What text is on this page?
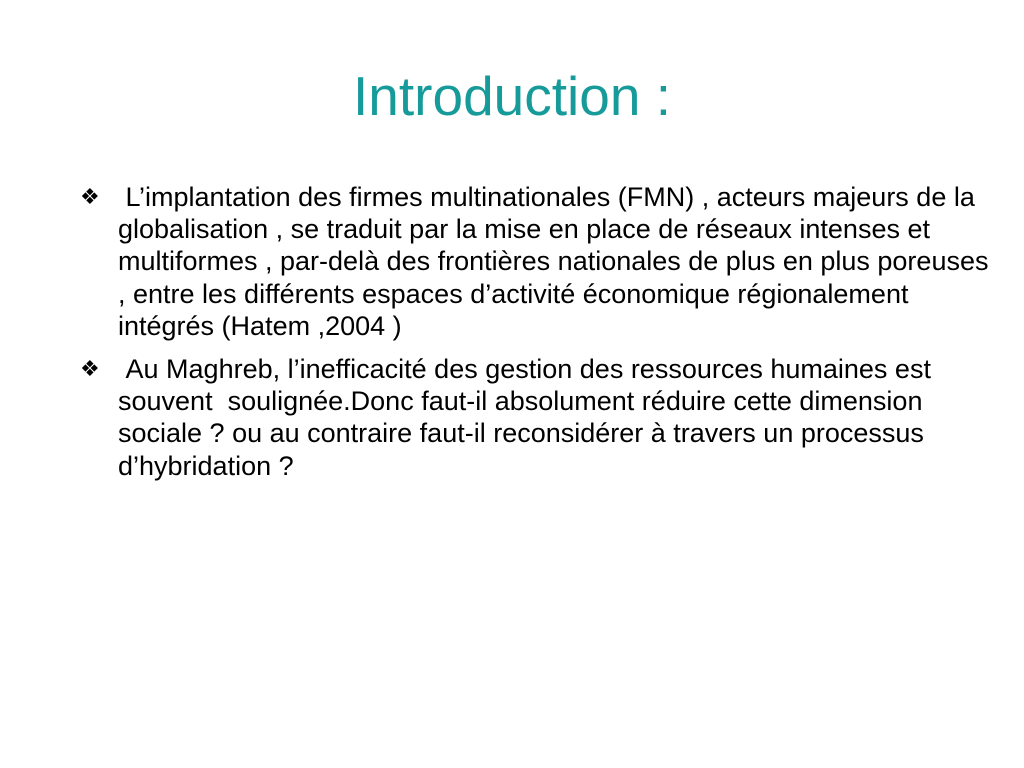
Introduction :
❖ L’implantation des firmes multinationales (FMN) , acteurs majeurs de la globalisation , se traduit par la mise en place de réseaux intenses et multiformes , par-delà des frontières nationales de plus en plus poreuses , entre les différents espaces d’activité économique régionalement intégrés (Hatem ,2004 )
❖ Au Maghreb, l’inefficacité des gestion des ressources humaines est souvent  soulignée.Donc faut-il absolument réduire cette dimension sociale ? ou au contraire faut-il reconsidérer à travers un processus d’hybridation ?
